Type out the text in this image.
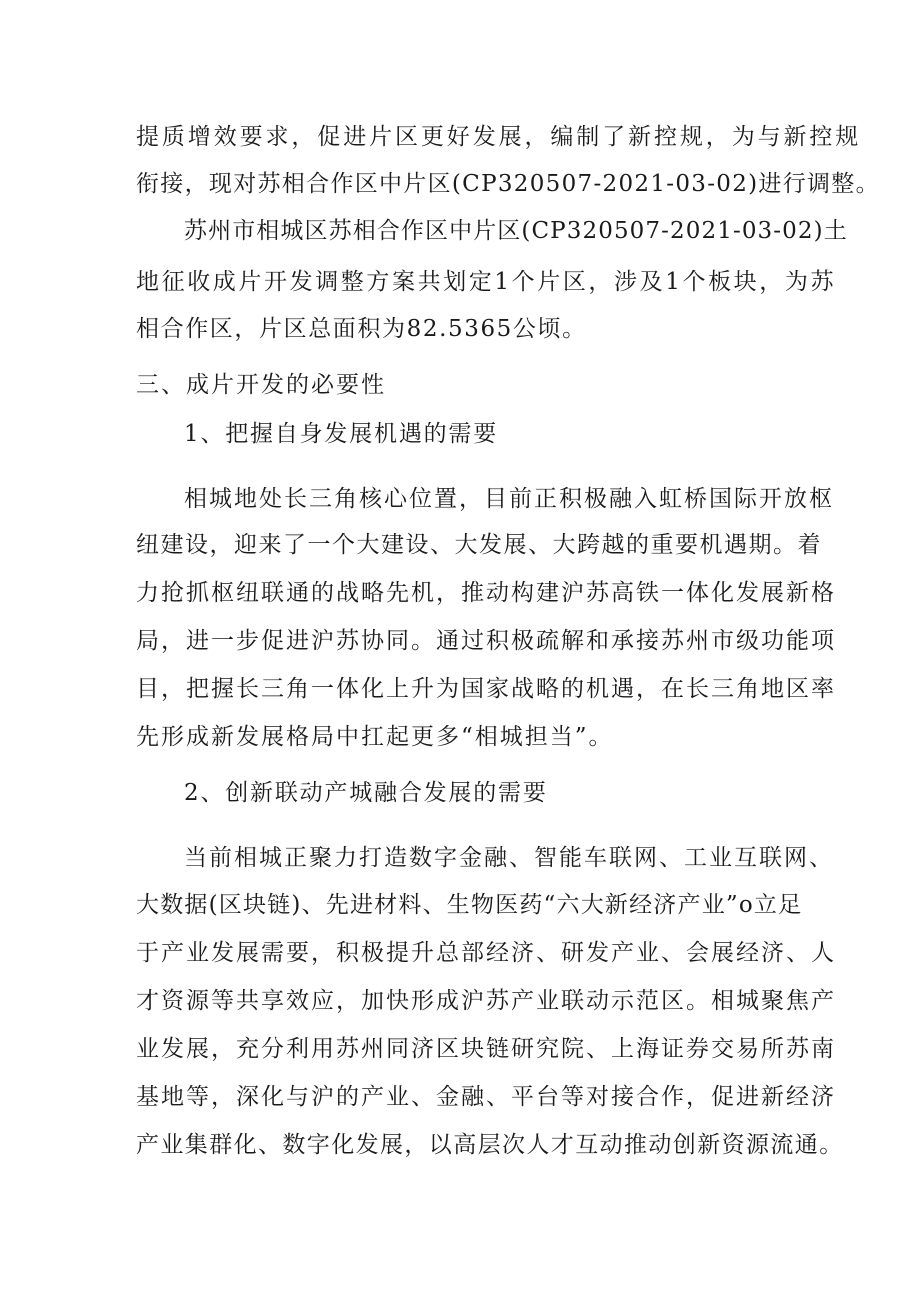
提质增效要求，促进片区更好发展，编制了新控规，为与新控规
衔接，现对苏相合作区中片区(CP320507-2021-03-02)进行调整。
苏州市相城区苏相合作区中片区(CP320507-2021-03-02)土
地征收成片开发调整方案共划定1个片区，涉及1个板块，为苏
相合作区，片区总面积为82.5365公顷。
三、成片开发的必要性
1、把握自身发展机遇的需要
相城地处长三角核心位置，目前正积极融入虹桥国际开放枢
纽建设，迎来了一个大建设、大发展、大跨越的重要机遇期。着
力抢抓枢纽联通的战略先机，推动构建沪苏高铁一体化发展新格
局，进一步促进沪苏协同。通过积极疏解和承接苏州市级功能项
目，把握长三角一体化上升为国家战略的机遇，在长三角地区率
先形成新发展格局中扛起更多“相城担当”。
2、创新联动产城融合发展的需要
当前相城正聚力打造数字金融、智能车联网、工业互联网、
大数据(区块链)、先进材料、生物医药“六大新经济产业”o立足
于产业发展需要，积极提升总部经济、研发产业、会展经济、人
才资源等共享效应，加快形成沪苏产业联动示范区。相城聚焦产
业发展，充分利用苏州同济区块链研究院、上海证券交易所苏南
基地等，深化与沪的产业、金融、平台等对接合作，促进新经济
产业集群化、数字化发展，以高层次人才互动推动创新资源流通。
